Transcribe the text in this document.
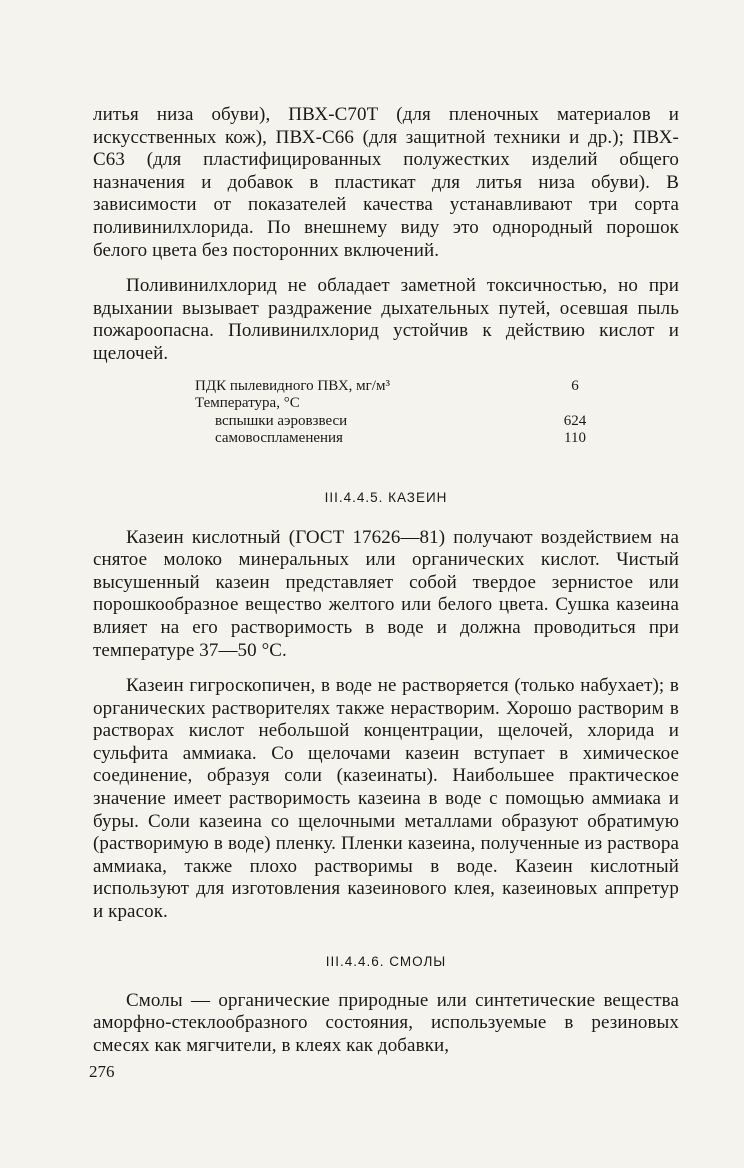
литья низа обуви), ПВХ-С70Т (для пленочных материалов и искусственных кож), ПВХ-С66 (для защитной техники и др.); ПВХ-С63 (для пластифицированных полужестких изделий общего назначения и добавок в пластикат для литья низа обуви). В зависимости от показателей качества устанавливают три сорта поливинилхлорида. По внешнему виду это однородный порошок белого цвета без посторонних включений.

Поливинилхлорид не обладает заметной токсичностью, но при вдыхании вызывает раздражение дыхательных путей, осевшая пыль пожароопасна. Поливинилхлорид устойчив к действию кислот и щелочей.

ПДК пылевидного ПВХ, мг/м³	6
Температура, °С	
вспышки аэровзвеси	624
самовоспламенения	110
III.4.4.5. КАЗЕИН

Казеин кислотный (ГОСТ 17626—81) получают воздействием на снятое молоко минеральных или органических кислот. Чистый высушенный казеин представляет собой твердое зернистое или порошкообразное вещество желтого или белого цвета. Сушка казеина влияет на его растворимость в воде и должна проводиться при температуре 37—50 °С.

Казеин гигроскопичен, в воде не растворяется (только набухает); в органических растворителях также нерастворим. Хорошо растворим в растворах кислот небольшой концентрации, щелочей, хлорида и сульфита аммиака. Со щелочами казеин вступает в химическое соединение, образуя соли (казеинаты). Наибольшее практическое значение имеет растворимость казеина в воде с помощью аммиака и буры. Соли казеина со щелочными металлами образуют обратимую (растворимую в воде) пленку. Пленки казеина, полученные из раствора аммиака, также плохо растворимы в воде. Казеин кислотный используют для изготовления казеинового клея, казеиновых аппретур и красок.

III.4.4.6. СМОЛЫ

Смолы — органические природные или синтетические вещества аморфно-стеклообразного состояния, используемые в резиновых смесях как мягчители, в клеях как добавки,

276
